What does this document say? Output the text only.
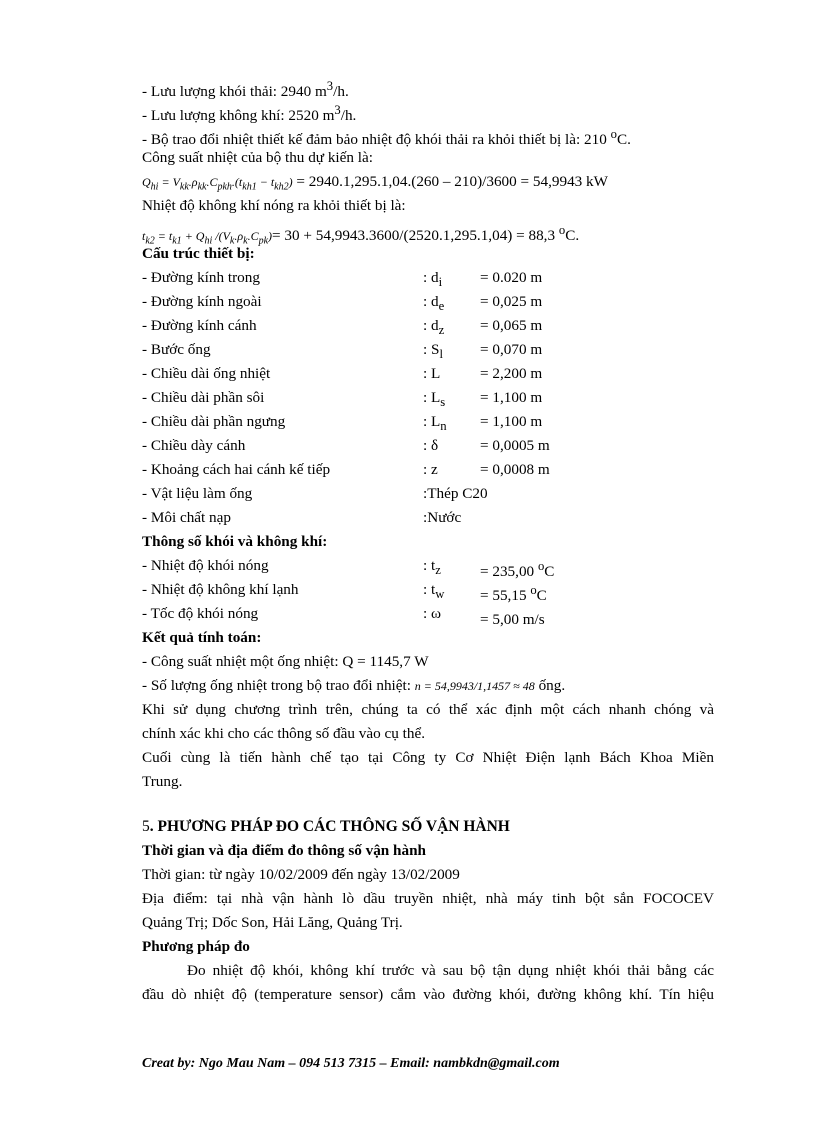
- Lưu lượng khói thải: 2940 $m^3/h$.
- Lưu lượng không khí: 2520 $m^3/h$.
- Bộ trao đổi nhiệt thiết kế đảm bảo nhiệt độ khói thải ra khỏi thiết bị là: 210 $^o$C.
Công suất nhiệt của bộ thu dự kiến là:
$Q_{hi} = V_{kk}.\rho_{kk}.C_{pkh}.(t_{kh1} - t_{kh2}) = 2940.1,295.1,04.(260 - 210)/3600 = 54,9943$ kW
Nhiệt độ không khí nóng ra khỏi thiết bị là:
$t_{k2} = t_{k1} + Q_{hi}$ $/(V_k.\rho_k.C_{pk})= 30 + 54,9943.3600/(2520.1,295.1,04) = 88,3$ $^o$C.
Cấu trúc thiết bị:
- Đường kính trong	: $d_i = 0.020$ m
- Đường kính ngoài	: $d_e = 0,025$ m
- Đường kính cánh	: $d_z = 0,065$ m
- Bước ống	: $S_l = 0,070$ m
- Chiều dài ống nhiệt	: L	= 2,200 m
- Chiều dài phần sôi	: $L_s = 1,100$ m
- Chiều dài phần ngưng	: $L_n = 1,100$ m
- Chiều dày cánh	: δ	= 0,0005 m
- Khoảng cách hai cánh kế tiếp	: z	= 0,0008 m
- Vật liệu làm ống	:Thép C20
- Môi chất nạp	:Nước
Thông số khói và không khí:
- Nhiệt độ khói nóng	: $t_z$	= 235,00 $^o$C
- Nhiệt độ không khí lạnh	: $t_w = 55,15$ $^o$C
- Tốc độ khói nóng	: ω	= 5,00 m/s
Kết quả tính toán:
- Công suất nhiệt một ống nhiệt: Q = 1145,7 W
- Số lượng ống nhiệt trong bộ trao đổi nhiệt: n = 54,9943/1,1457 ≈ 48 ống.
Khi sử dụng chương trình trên, chúng ta có thể xác định một cách nhanh chóng và
chính xác khi cho các thông số đầu vào cụ thể.
Cuối cùng là tiến hành chế tạo tại Công ty Cơ Nhiệt Điện lạnh Bách Khoa Miền
Trung.
5. PHƯƠNG PHÁP ĐO CÁC THÔNG SỐ VẬN HÀNH
Thời gian và địa điểm đo thông số vận hành
Thời gian: từ ngày 10/02/2009 đến ngày 13/02/2009
Địa điểm: tại nhà vận hành lò dầu truyền nhiệt, nhà máy tinh bột sắn FOCOCEV
Quảng Trị; Dốc Son, Hải Lăng, Quảng Trị.
Phương pháp đo
Đo nhiệt độ khói, không khí trước và sau bộ tận dụng nhiệt khói thải bằng các
đầu dò nhiệt độ (temperature sensor) cắm vào đường khói, đường không khí. Tín hiệu
Creat by: Ngo Mau Nam – 094 513 7315 – Email: nambkdn@gmail.com
